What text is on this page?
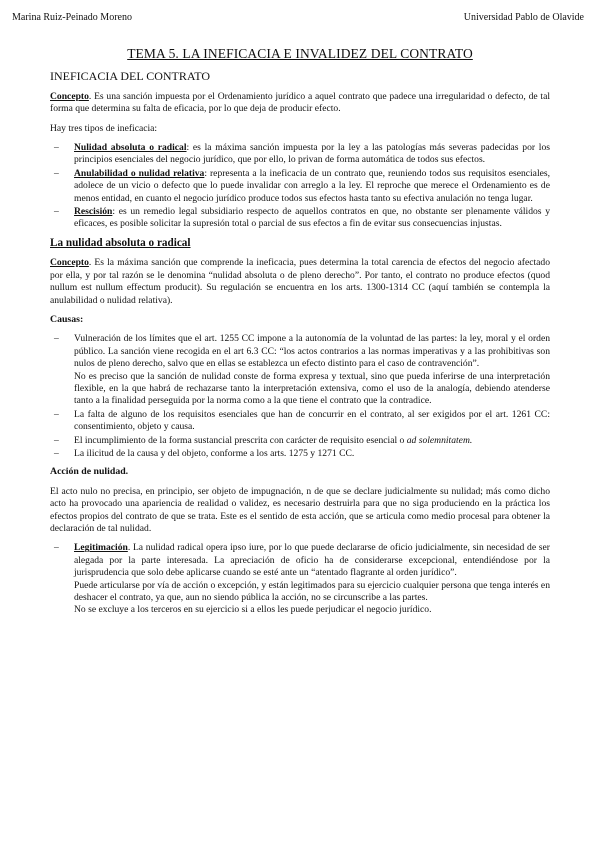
Marina Ruiz-Peinado Moreno	Universidad Pablo de Olavide
TEMA 5. LA INEFICACIA E INVALIDEZ DEL CONTRATO
INEFICACIA DEL CONTRATO

Concepto. Es una sanción impuesta por el Ordenamiento jurídico a aquel contrato que padece una irregularidad o defecto, de tal forma que determina su falta de eficacia, por lo que deja de producir efecto.

Hay tres tipos de ineficacia:

– Nulidad absoluta o radical: es la máxima sanción impuesta por la ley a las patologías más severas padecidas por los principios esenciales del negocio jurídico, que por ello, lo privan de forma automática de todos sus efectos.
– Anulabilidad o nulidad relativa: representa a la ineficacia de un contrato que, reuniendo todos sus requisitos esenciales, adolece de un vicio o defecto que lo puede invalidar con arreglo a la ley. El reproche que merece el Ordenamiento es de menos entidad, en cuanto el negocio jurídico produce todos sus efectos hasta tanto su efectiva anulación no tenga lugar.
– Rescisión: es un remedio legal subsidiario respecto de aquellos contratos en que, no obstante ser plenamente válidos y eficaces, es posible solicitar la supresión total o parcial de sus efectos a fin de evitar sus consecuencias injustas.
La nulidad absoluta o radical

Concepto. Es la máxima sanción que comprende la ineficacia, pues determina la total carencia de efectos del negocio afectado por ella, y por tal razón se le denomina “nulidad absoluta o de pleno derecho”. Por tanto, el contrato no produce efectos (quod nullum est nullum effectum producit). Su regulación se encuentra en los arts. 1300-1314 CC (aquí también se contempla la anulabilidad o nulidad relativa).

Causas:
– Vulneración de los límites que el art. 1255 CC impone a la autonomía de la voluntad de las partes: la ley, moral y el orden público. La sanción viene recogida en el art 6.3 CC: “los actos contrarios a las normas imperativas y a las prohibitivas son nulos de pleno derecho, salvo que en ellas se establezca un efecto distinto para el caso de contravención”.
No es preciso que la sanción de nulidad conste de forma expresa y textual, sino que pueda inferirse de una interpretación flexible, en la que habrá de rechazarse tanto la interpretación extensiva, como el uso de la analogía, debiendo atenderse tanto a la finalidad perseguida por la norma como a la que tiene el contrato que la contradice.
– La falta de alguno de los requisitos esenciales que han de concurrir en el contrato, al ser exigidos por el art. 1261 CC: consentimiento, objeto y causa.
– El incumplimiento de la forma sustancial prescrita con carácter de requisito esencial o ad solemnitatem.
– La ilicitud de la causa y del objeto, conforme a los arts. 1275 y 1271 CC.
Acción de nulidad.

El acto nulo no precisa, en principio, ser objeto de impugnación, n de que se declare judicialmente su nulidad; más como dicho acto ha provocado una apariencia de realidad o validez, es necesario destruirla para que no siga produciendo en la práctica los efectos propios del contrato de que se trata. Este es el sentido de esta acción, que se articula como medio procesal para obtener la declaración de tal nulidad.

– Legitimación. La nulidad radical opera ipso iure, por lo que puede declararse de oficio judicialmente, sin necesidad de ser alegada por la parte interesada. La apreciación de oficio ha de considerarse excepcional, entendiéndose por la jurisprudencia que solo debe aplicarse cuando se esté ante un “atentado flagrante al orden jurídico”.
Puede articularse por vía de acción o excepción, y están legitimados para su ejercicio cualquier persona que tenga interés en deshacer el contrato, ya que, aun no siendo pública la acción, no se circunscribe a las partes.
No se excluye a los terceros en su ejercicio si a ellos les puede perjudicar el negocio jurídico.
